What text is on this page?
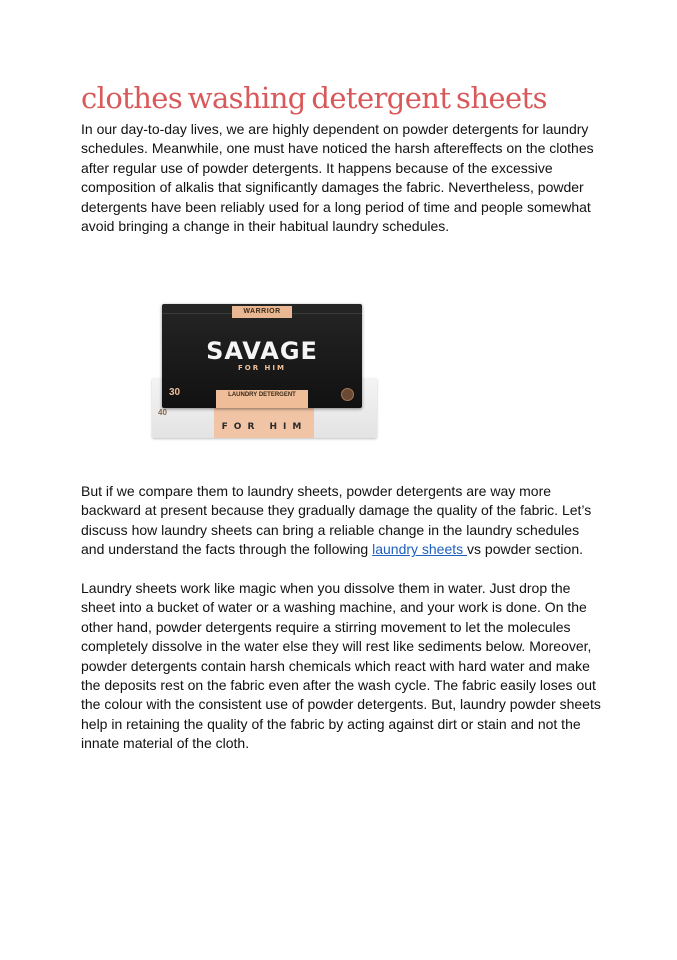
clothes washing detergent sheets

In our day-to-day lives, we are highly dependent on powder detergents for laundry schedules. Meanwhile, one must have noticed the harsh aftereffects on the clothes after regular use of powder detergents. It happens because of the excessive composition of alkalis that significantly damages the fabric. Nevertheless, powder detergents have been reliably used for a long period of time and people somewhat avoid bringing a change in their habitual laundry schedules.

FOR HIM
40
WARRIOR
SAVAGE
FOR HIM
30	LAUNDRY DETERGENT

But if we compare them to laundry sheets, powder detergents are way more backward at present because they gradually damage the quality of the fabric. Let’s discuss how laundry sheets can bring a reliable change in the laundry schedules and understand the facts through the following laundry sheets vs powder section.

Laundry sheets work like magic when you dissolve them in water. Just drop the sheet into a bucket of water or a washing machine, and your work is done. On the other hand, powder detergents require a stirring movement to let the molecules completely dissolve in the water else they will rest like sediments below. Moreover, powder detergents contain harsh chemicals which react with hard water and make the deposits rest on the fabric even after the wash cycle. The fabric easily loses out the colour with the consistent use of powder detergents. But, laundry powder sheets help in retaining the quality of the fabric by acting against dirt or stain and not the innate material of the cloth.
